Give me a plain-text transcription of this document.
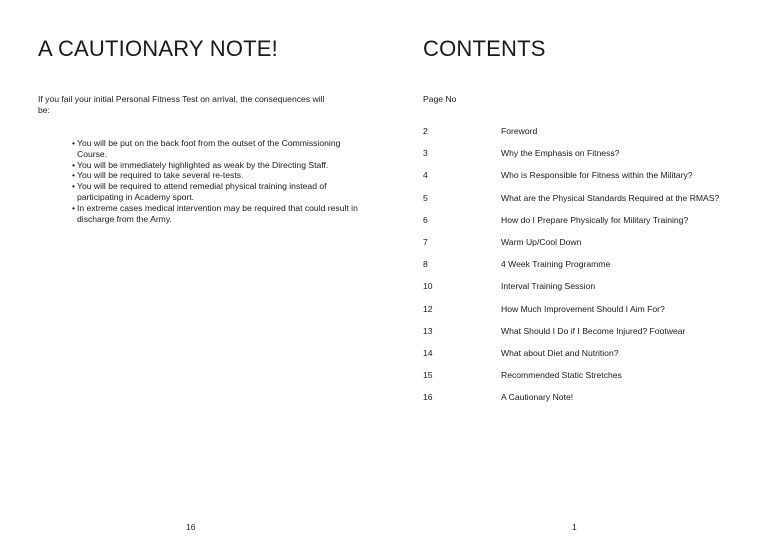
A CAUTIONARY NOTE!

If you fail your initial Personal Fitness Test on arrival, the consequences will be:

• You will be put on the back foot from the outset of the Commissioning Course.
• You will be immediately highlighted as weak by the Directing Staff.
• You will be required to take several re-tests.
• You will be required to attend remedial physical training instead of participating in Academy sport.
• In extreme cases medical intervention may be required that could result in discharge from the Army.
16
CONTENTS
Page No
2	Foreword
3	Why the Emphasis on Fitness?
4	Who is Responsible for Fitness within the Military?
5	What are the Physical Standards Required at the RMAS?
6	How do I Prepare Physically for Military Training?
7	Warm Up/Cool Down
8	4 Week Training Programme
10	Interval Training Session
12	How Much Improvement Should I Aim For?
13	What Should I Do if I Become Injured? Footwear
14	What about Diet and Nutrition?
15	Recommended Static Stretches
16	A Cautionary Note!
1
